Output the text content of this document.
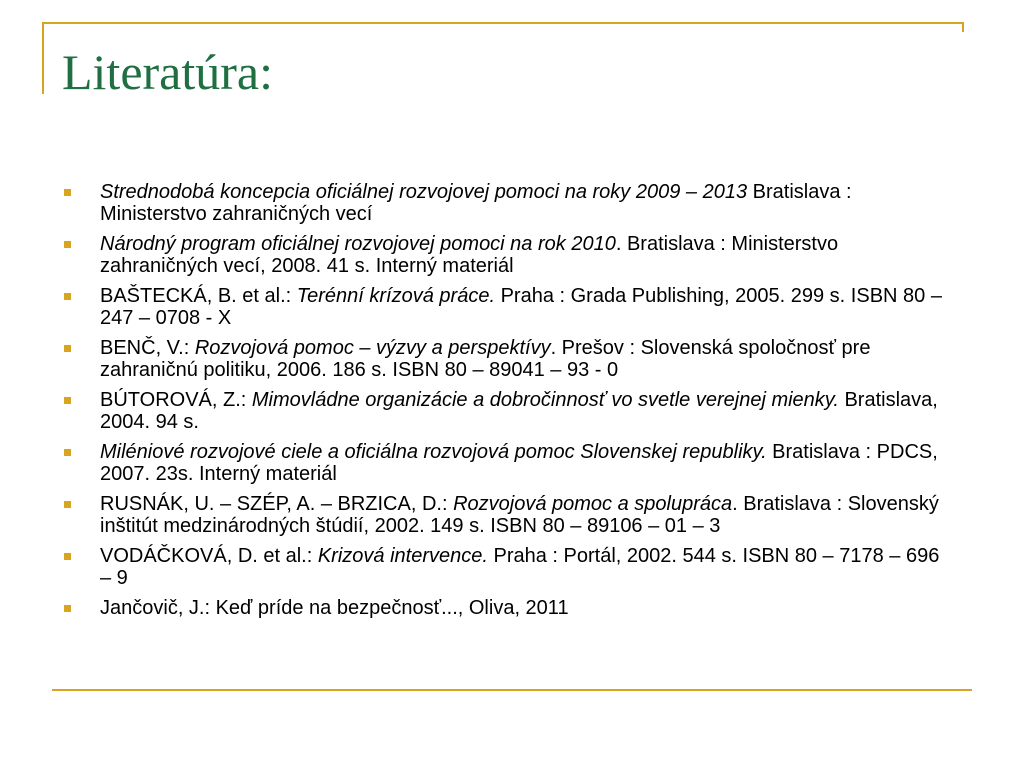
Literatúra:
Strednodobá koncepcia oficiálnej rozvojovej pomoci na roky 2009 – 2013 Bratislava : Ministerstvo zahraničných vecí
Národný program oficiálnej rozvojovej pomoci na rok 2010. Bratislava : Ministerstvo zahraničných vecí, 2008. 41 s. Interný materiál
BAŠTECKÁ, B. et al.: Terénní krízová práce. Praha : Grada Publishing, 2005. 299 s. ISBN 80 – 247 – 0708 - X
BENČ, V.: Rozvojová pomoc – výzvy a perspektívy. Prešov : Slovenská spoločnosť pre zahraničnú politiku, 2006. 186 s. ISBN 80 – 89041 – 93 - 0
BÚTOROVÁ, Z.: Mimovládne organizácie a dobročinnosť vo svetle verejnej mienky. Bratislava, 2004. 94 s.
Miléniové rozvojové ciele a oficiálna rozvojová pomoc Slovenskej republiky. Bratislava : PDCS, 2007. 23s. Interný materiál
RUSNÁK, U. – SZÉP, A. – BRZICA, D.: Rozvojová pomoc a spolupráca. Bratislava : Slovenský inštitút medzinárodných štúdií, 2002. 149 s. ISBN 80 – 89106 – 01 – 3
VODÁČKOVÁ, D. et al.: Krizová intervence. Praha : Portál, 2002. 544 s. ISBN 80 – 7178 – 696 – 9
Jančovič, J.: Keď príde na bezpečnosť..., Oliva, 2011
